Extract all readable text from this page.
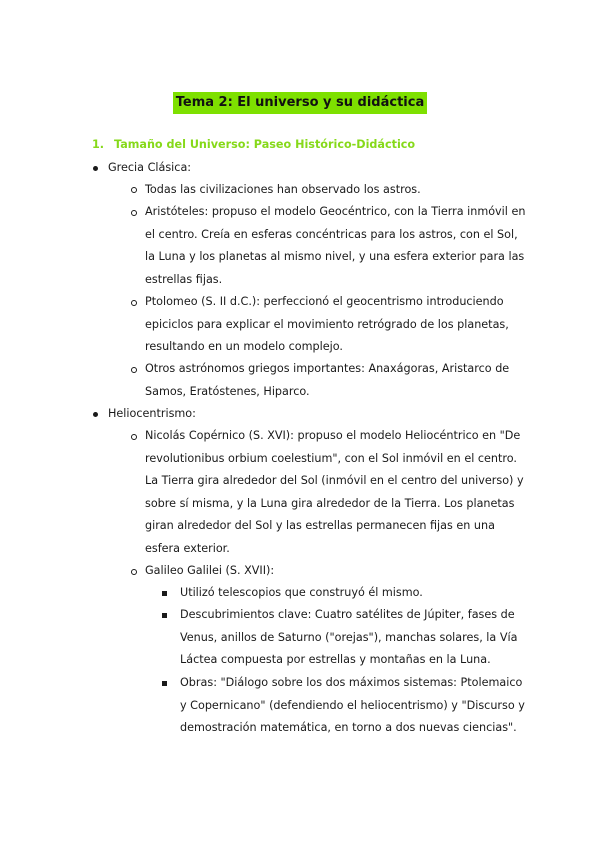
Tema 2: El universo y su didáctica
1. Tamaño del Universo: Paseo Histórico-Didáctico
Grecia Clásica:
Todas las civilizaciones han observado los astros.
Aristóteles: propuso el modelo Geocéntrico, con la Tierra inmóvil en
el centro. Creía en esferas concéntricas para los astros, con el Sol,
la Luna y los planetas al mismo nivel, y una esfera exterior para las
estrellas fijas.
Ptolomeo (S. II d.C.): perfeccionó el geocentrismo introduciendo
epiciclos para explicar el movimiento retrógrado de los planetas,
resultando en un modelo complejo.
Otros astrónomos griegos importantes: Anaxágoras, Aristarco de
Samos, Eratóstenes, Hiparco.
Heliocentrismo:
Nicolás Copérnico (S. XVI): propuso el modelo Heliocéntrico en "De
revolutionibus orbium coelestium", con el Sol inmóvil en el centro.
La Tierra gira alrededor del Sol (inmóvil en el centro del universo) y
sobre sí misma, y la Luna gira alrededor de la Tierra. Los planetas
giran alrededor del Sol y las estrellas permanecen fijas en una
esfera exterior.
Galileo Galilei (S. XVII):
Utilizó telescopios que construyó él mismo.
Descubrimientos clave: Cuatro satélites de Júpiter, fases de
Venus, anillos de Saturno ("orejas"), manchas solares, la Vía
Láctea compuesta por estrellas y montañas en la Luna.
Obras: "Diálogo sobre los dos máximos sistemas: Ptolemaico
y Copernicano" (defendiendo el heliocentrismo) y "Discurso y
demostración matemática, en torno a dos nuevas ciencias".
